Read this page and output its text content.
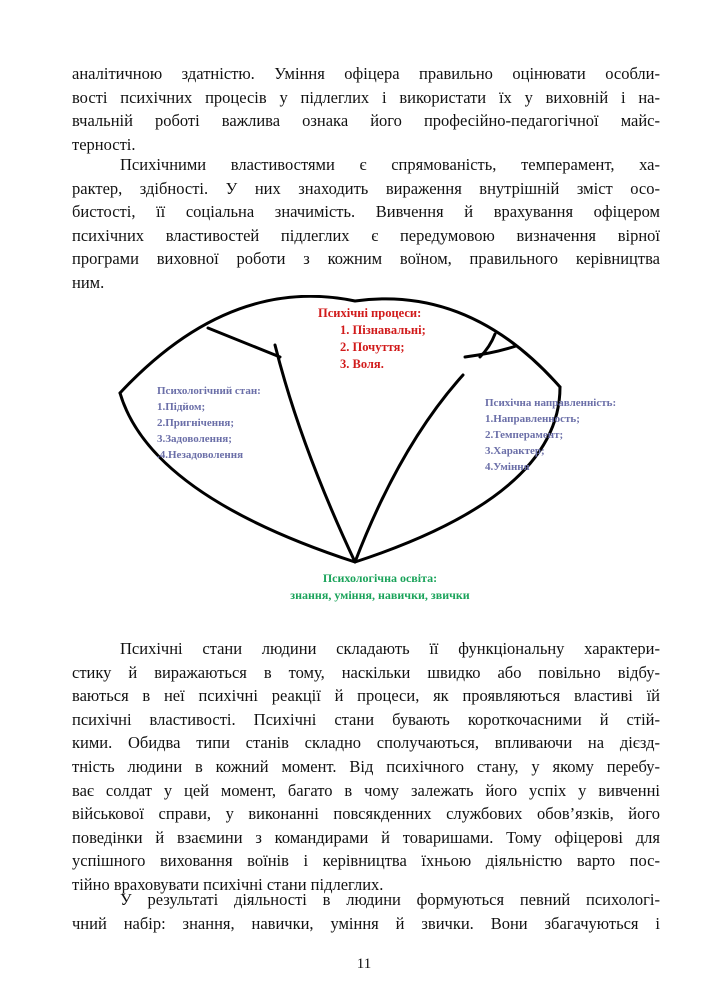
аналітичною здатністю. Уміння офіцера правильно оцінювати особли-
вості психічних процесів у підлеглих і використати їх у виховній і на-
вчальній роботі важлива ознака його професійно-педагогічної майс-
терності.
Психічними властивостями є спрямованість, темперамент, ха-
рактер, здібності. У них знаходить вираження внутрішній зміст осо-
бистості, її соціальна значимість. Вивчення й врахування офіцером
психічних властивостей підлеглих є передумовою визначення вірної
програми виховної роботи з кожним воїном, правильного керівництва
ним.
Психічні процеси:
1. Пізнавальні;
2. Почуття;
3. Воля.
Психологічний стан:
1.Підйом;
2.Пригнічення;
3.Задоволення;
.4.Незадоволення
Психічна направленність:
1.Направленность;
2.Темперамент;
3.Характер;
4.Уміння
Психологічна освіта:
знання, уміння, навички, звички
Психічні стани людини складають її функціональну характери-
стику й виражаються в тому, наскільки швидко або повільно відбу-
ваються в неї психічні реакції й процеси, як проявляються властиві їй
психічні властивості. Психічні стани бувають короткочасними й стій-
кими. Обидва типи станів складно сполучаються, впливаючи на дієзд-
тність людини в кожний момент. Від психічного стану, у якому перебу-
ває солдат у цей момент, багато в чому залежать його успіх у вивченні
військової справи, у виконанні повсякденних службових обов’язків, його
поведінки й взаємини з командирами й товаришами. Тому офіцерові для
успішного виховання воїнів і керівництва їхньою діяльністю варто пос-
тійно враховувати психічні стани підлеглих.
У результаті діяльності в людини формуються певний психологі-
чний набір: знання, навички, уміння й звички. Вони збагачуються і
11
